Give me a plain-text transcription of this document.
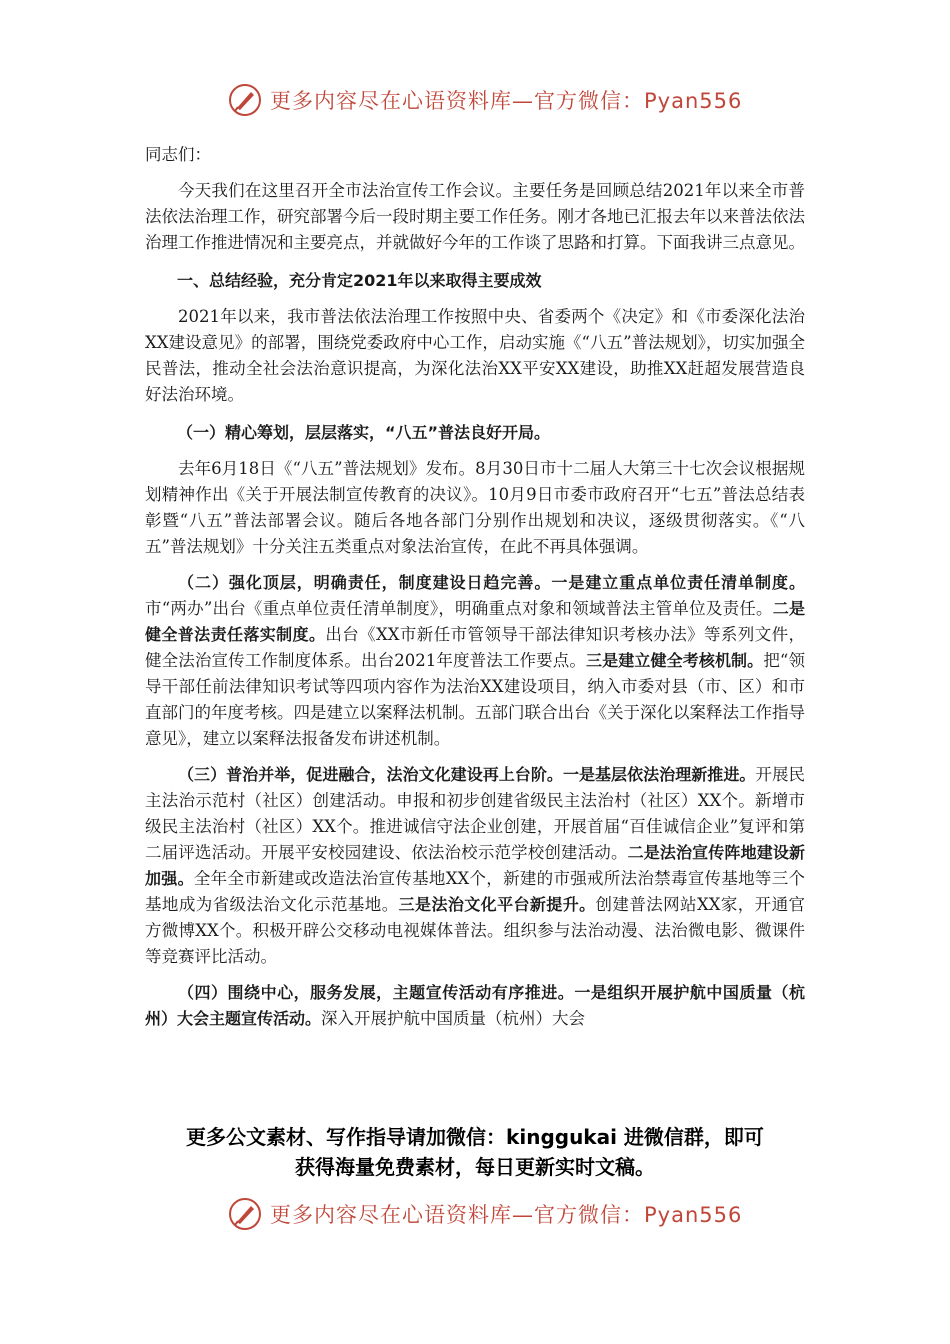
更多内容尽在心语资料库—官方微信：Pyan556

同志们：

今天我们在这里召开全市法治宣传工作会议。主要任务是回顾总结2021年以来全市普法依法治理工作，研究部署今后一段时期主要工作任务。刚才各地已汇报去年以来普法依法治理工作推进情况和主要亮点，并就做好今年的工作谈了思路和打算。下面我讲三点意见。

一、总结经验，充分肯定2021年以来取得主要成效

2021年以来，我市普法依法治理工作按照中央、省委两个《决定》和《市委深化法治XX建设意见》的部署，围绕党委政府中心工作，启动实施《“八五”普法规划》，切实加强全民普法，推动全社会法治意识提高，为深化法治XX平安XX建设，助推XX赶超发展营造良好法治环境。

（一）精心筹划，层层落实，“八五”普法良好开局。

去年6月18日《“八五”普法规划》发布。8月30日市十二届人大第三十七次会议根据规划精神作出《关于开展法制宣传教育的决议》。10月9日市委市政府召开“七五”普法总结表彰暨“八五”普法部署会议。随后各地各部门分别作出规划和决议，逐级贯彻落实。《“八五”普法规划》十分关注五类重点对象法治宣传，在此不再具体强调。

（二）强化顶层，明确责任，制度建设日趋完善。一是建立重点单位责任清单制度。市“两办”出台《重点单位责任清单制度》，明确重点对象和领域普法主管单位及责任。二是健全普法责任落实制度。出台《XX市新任市管领导干部法律知识考核办法》等系列文件，健全法治宣传工作制度体系。出台2021年度普法工作要点。三是建立健全考核机制。把“领导干部任前法律知识考试等四项内容作为法治XX建设项目，纳入市委对县（市、区）和市直部门的年度考核。四是建立以案释法机制。五部门联合出台《关于深化以案释法工作指导意见》，建立以案释法报备发布讲述机制。

（三）普治并举，促进融合，法治文化建设再上台阶。一是基层依法治理新推进。开展民主法治示范村（社区）创建活动。申报和初步创建省级民主法治村（社区）XX个。新增市级民主法治村（社区）XX个。推进诚信守法企业创建，开展首届“百佳诚信企业”复评和第二届评选活动。开展平安校园建设、依法治校示范学校创建活动。二是法治宣传阵地建设新加强。全年全市新建或改造法治宣传基地XX个，新建的市强戒所法治禁毒宣传基地等三个基地成为省级法治文化示范基地。三是法治文化平台新提升。创建普法网站XX家，开通官方微博XX个。积极开辟公交移动电视媒体普法。组织参与法治动漫、法治微电影、微课件等竞赛评比活动。

（四）围绕中心，服务发展，主题宣传活动有序推进。一是组织开展护航中国质量（杭州）大会主题宣传活动。深入开展护航中国质量（杭州）大会

更多公文素材、写作指导请加微信：kinggukai 进微信群，即可
获得海量免费素材，每日更新实时文稿。
更多内容尽在心语资料库—官方微信：Pyan556
